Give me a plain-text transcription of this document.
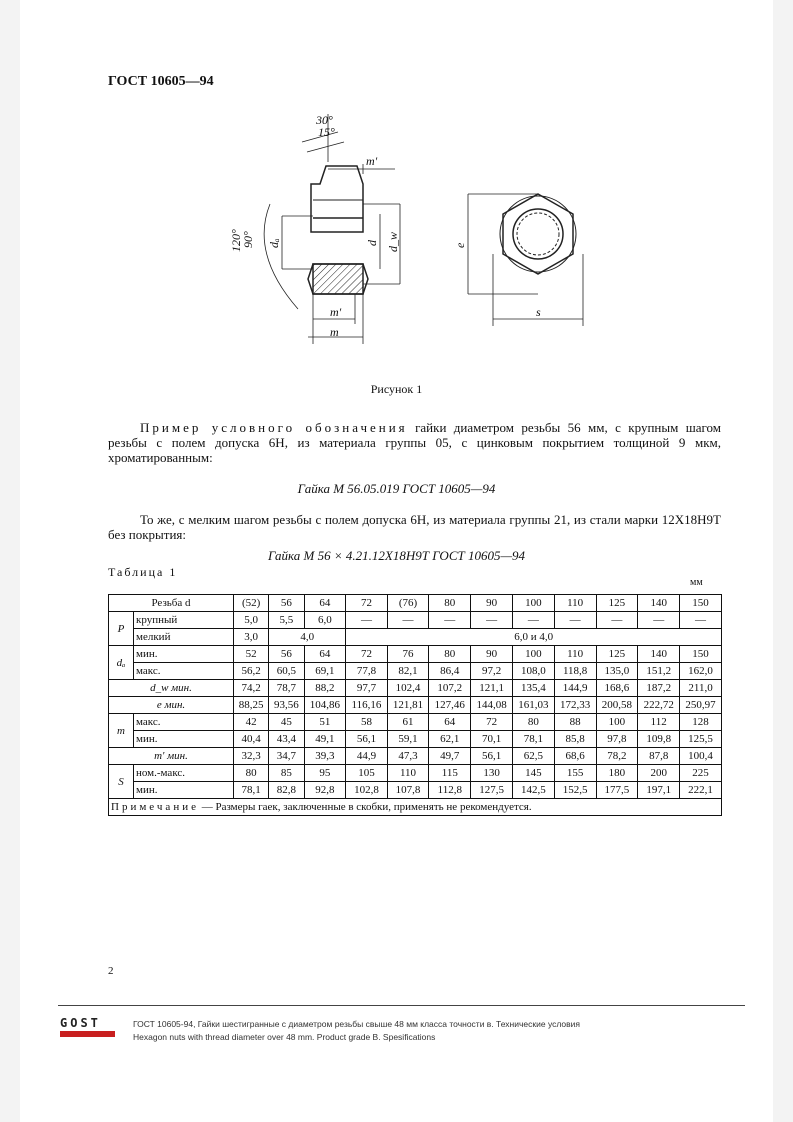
ГОСТ 10605—94
30°
15°
m'
120°
90° dₐ	d d_w
m'
m
e
s
Рисунок 1
Пример условного обозначения гайки диаметром резьбы 56 мм, с крупным шагом резьбы с полем допуска 6Н, из материала группы 05, с цинковым покрытием толщиной 9 мкм, хроматированным:
Гайка М 56.05.019 ГОСТ 10605—94
То же, с мелким шагом резьбы с полем допуска 6Н, из материала группы 21, из стали марки 12Х18Н9Т без покрытия:
Гайка М 56 × 4.21.12Х18Н9Т ГОСТ 10605—94
Таблица 1
мм
Резьба d		(52)	56	64	72	(76)	80	90	100	110	125	140	150
P	крупный	5,0	5,5	6,0	—	—	—	—	—	—	—	—	—
	мелкий	3,0	4,0		6,0 и 4,0								
dₐ	мин.	52	56	64	72	76	80	90	100	110	125	140	150
	макс.	56,2	60,5	69,1	77,8	82,1	86,4	97,2	108,0	118,8	135,0	151,2	162,0
d_w мин.		74,2	78,7	88,2	97,7	102,4	107,2	121,1	135,4	144,9	168,6	187,2	211,0
e мин.		88,25	93,56	104,86	116,16	121,81	127,46	144,08	161,03	172,33	200,58	222,72	250,97
m	макс.	42	45	51	58	61	64	72	80	88	100	112	128
	мин.	40,4	43,4	49,1	56,1	59,1	62,1	70,1	78,1	85,8	97,8	109,8	125,5
m' мин.		32,3	34,7	39,3	44,9	47,3	49,7	56,1	62,5	68,6	78,2	87,8	100,4
S	ном.-макс.	80	85	95	105	110	115	130	145	155	180	200	225
	мин.	78,1	82,8	92,8	102,8	107,8	112,8	127,5	142,5	152,5	177,5	197,1	222,1
Примечание — Размеры гаек, заключенные в скобки, применять не рекомендуется.													
2
GOST	ГОСТ 10605-94, Гайки шестигранные с диаметром резьбы свыше 48 мм класса точности в. Технические условия
Hexagon nuts with thread diameter over 48 mm. Product grade B. Spesifications
